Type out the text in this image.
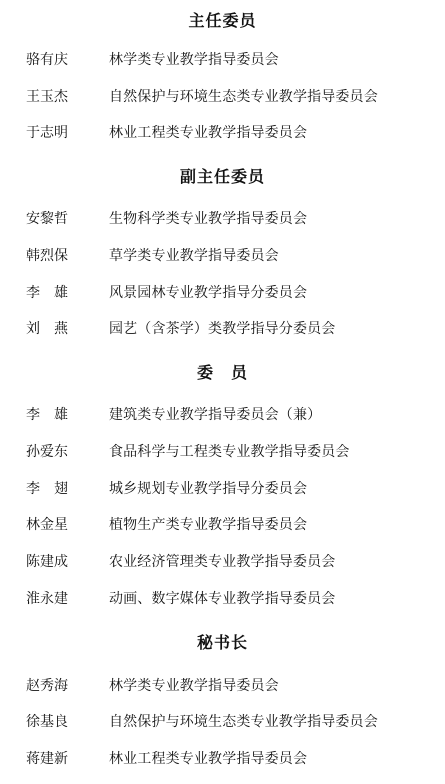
主任委员
骆有庆	林学类专业教学指导委员会
王玉杰	自然保护与环境生态类专业教学指导委员会
于志明	林业工程类专业教学指导委员会
副主任委员
安黎哲	生物科学类专业教学指导委员会
韩烈保	草学类专业教学指导委员会
李　雄	风景园林专业教学指导分委员会
刘　燕	园艺（含茶学）类教学指导分委员会
委　员
李　雄	建筑类专业教学指导委员会（兼）
孙爱东	食品科学与工程类专业教学指导委员会
李　翅	城乡规划专业教学指导分委员会
林金星	植物生产类专业教学指导委员会
陈建成	农业经济管理类专业教学指导委员会
淮永建	动画、数字媒体专业教学指导委员会
秘书长
赵秀海	林学类专业教学指导委员会
徐基良	自然保护与环境生态类专业教学指导委员会
蒋建新	林业工程类专业教学指导委员会
